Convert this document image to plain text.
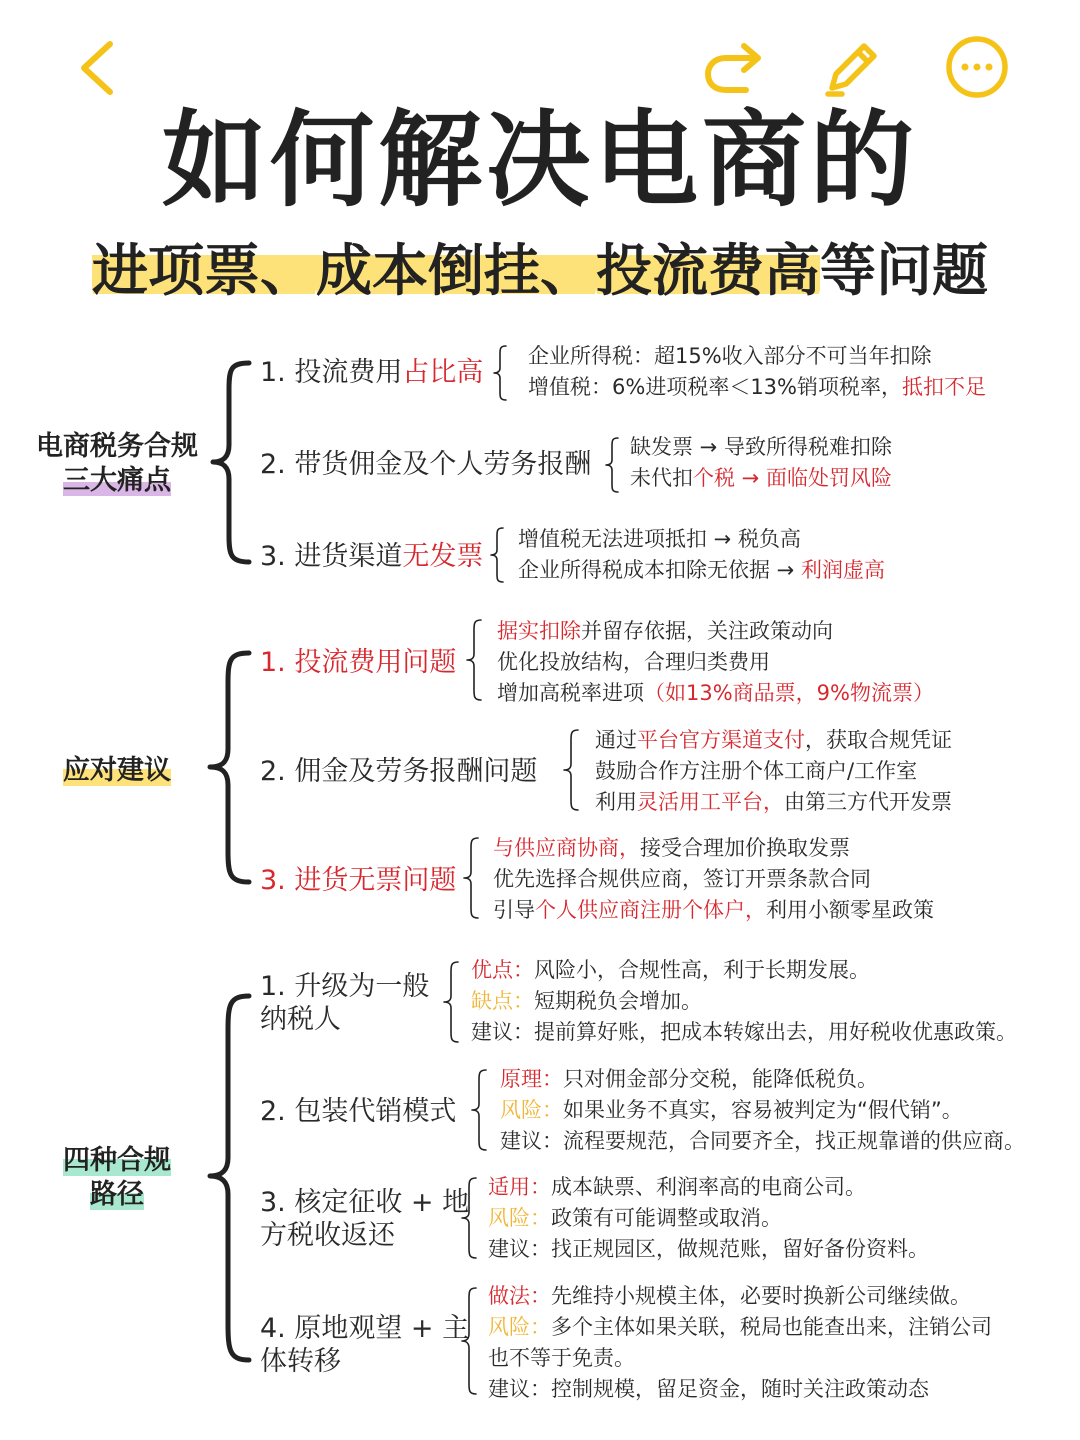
如何解决电商的
进项票、成本倒挂、投流费高等问题
电商税务合规
三大痛点
1. 投流费用占比高
企业所得税：超15%收入部分不可当年扣除
增值税：6%进项税率＜13%销项税率，抵扣不足
2. 带货佣金及个人劳务报酬
缺发票 → 导致所得税难扣除
未代扣个税 → 面临处罚风险
3. 进货渠道无发票
增值税无法进项抵扣 → 税负高
企业所得税成本扣除无依据 → 利润虚高
应对建议
1. 投流费用问题
据实扣除并留存依据，关注政策动向
优化投放结构，合理归类费用
增加高税率进项（如13%商品票，9%物流票）
2. 佣金及劳务报酬问题
通过平台官方渠道支付，获取合规凭证
鼓励合作方注册个体工商户/工作室
利用灵活用工平台，由第三方代开发票
3. 进货无票问题
与供应商协商，接受合理加价换取发票
优先选择合规供应商，签订开票条款合同
引导个人供应商注册个体户，利用小额零星政策
四种合规
路径
1. 升级为一般
纳税人
优点：风险小，合规性高，利于长期发展。
缺点：短期税负会增加。
建议：提前算好账，把成本转嫁出去，用好税收优惠政策。
2. 包装代销模式
原理：只对佣金部分交税，能降低税负。
风险：如果业务不真实，容易被判定为“假代销”。
建议：流程要规范，合同要齐全，找正规靠谱的供应商。
3. 核定征收 + 地
方税收返还
适用：成本缺票、利润率高的电商公司。
风险：政策有可能调整或取消。
建议：找正规园区，做规范账，留好备份资料。
4. 原地观望 + 主
体转移
做法：先维持小规模主体，必要时换新公司继续做。
风险：多个主体如果关联，税局也能查出来，注销公司
也不等于免责。
建议：控制规模，留足资金，随时关注政策动态
